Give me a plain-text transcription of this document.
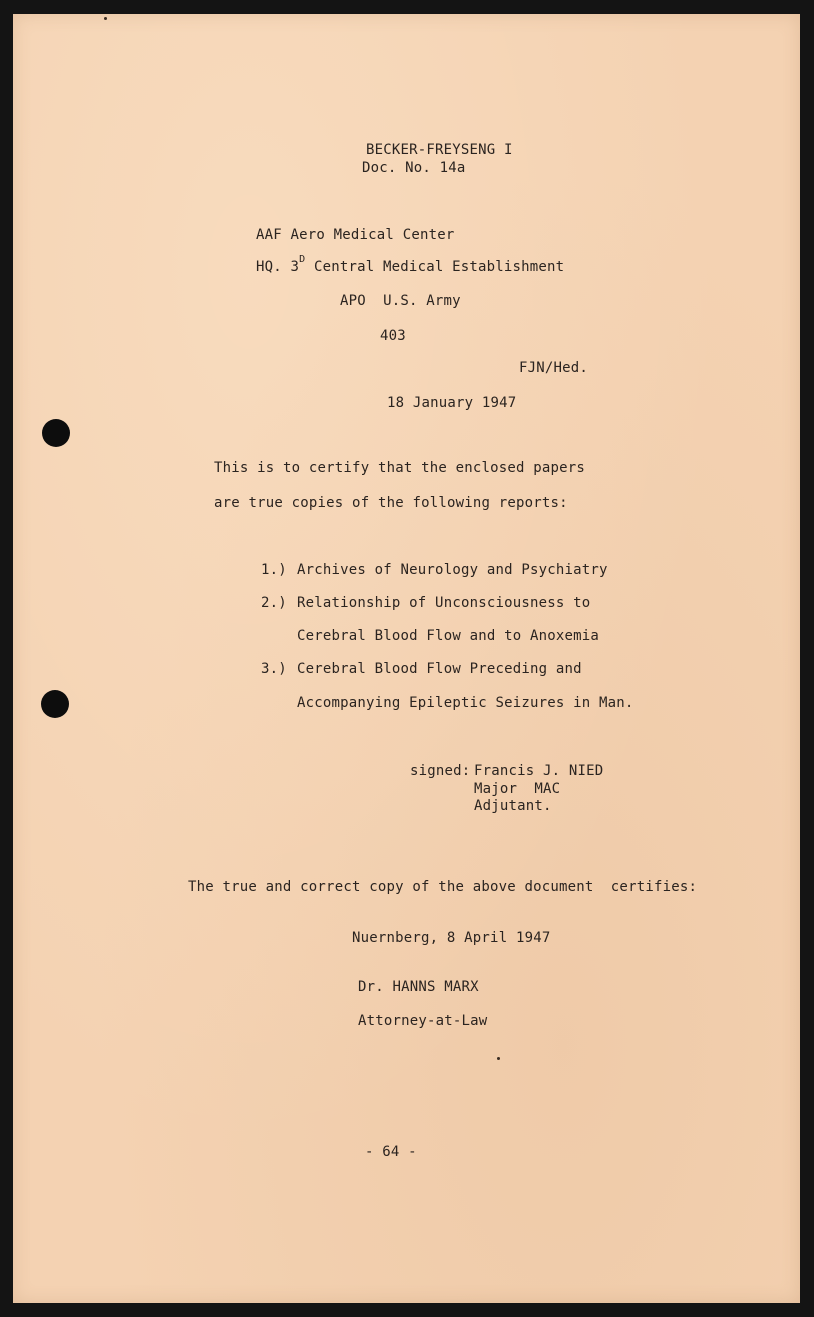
BECKER-FREYSENG I

Doc. No. 14a

AAF Aero Medical Center

HQ. $3^D$ Central Medical Establishment

APO  U.S. Army

403

FJN/Hed.

18 January 1947

This is to certify that the enclosed papers

are true copies of the following reports:

1.) Archives of Neurology and Psychiatry

2.) Relationship of Unconsciousness to

Cerebral Blood Flow and to Anoxemia

3.) Cerebral Blood Flow Preceding and

Accompanying Epileptic Seizures in Man.

signed: Francis J. NIED

Major  MAC

Adjutant.

The true and correct copy of the above document  certifies:

Nuernberg, 8 April 1947

Dr. HANNS MARX

Attorney-at-Law

- 64 -
